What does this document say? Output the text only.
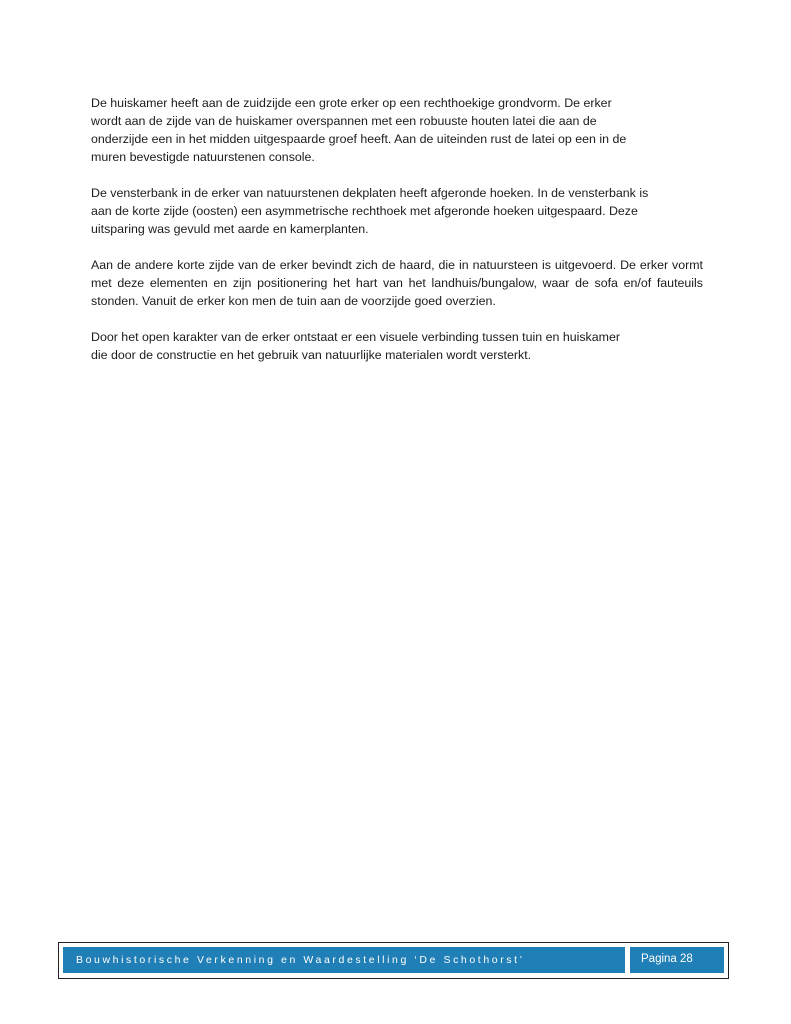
De huiskamer heeft aan de zuidzijde een grote erker op een rechthoekige grondvorm. De erker
wordt aan de zijde van de huiskamer overspannen met een robuuste houten latei die aan de
onderzijde een in het midden uitgespaarde groef heeft. Aan de uiteinden rust de latei op een in de
muren bevestigde natuurstenen console.

De vensterbank in de erker van natuurstenen dekplaten heeft afgeronde hoeken. In de vensterbank is
aan de korte zijde (oosten) een asymmetrische rechthoek met afgeronde hoeken uitgespaard. Deze
uitsparing was gevuld met aarde en kamerplanten.

Aan de andere korte zijde van de erker bevindt zich de haard, die in natuursteen is uitgevoerd. De erker vormt met deze elementen en zijn positionering het hart van het landhuis/bungalow, waar de sofa en/of fauteuils stonden. Vanuit de erker kon men de tuin aan de voorzijde goed overzien.

Door het open karakter van de erker ontstaat er een visuele verbinding tussen tuin en huiskamer
die door de constructie en het gebruik van natuurlijke materialen wordt versterkt.

Bouwhistorische Verkenning en Waardestelling ‘De Schothorst’	Pagina 28
